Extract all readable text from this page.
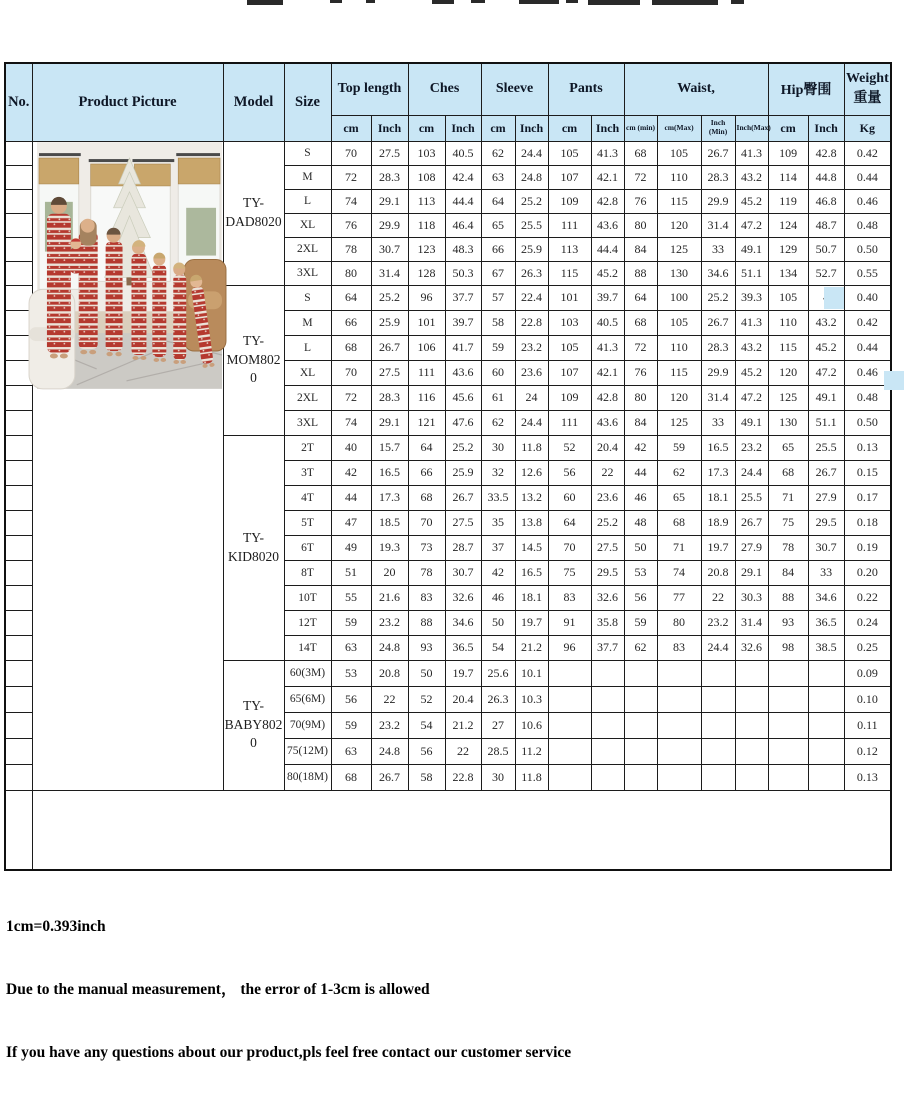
No.	Product Picture	Model	Size	Top length		Ches		Sleeve		Pants		Waist,				Hip臀围		Weight 重量
				cm	Inch	cm	Inch	cm	Inch	cm	Inch	cm (min)	cm(Max)	Inch (Min)	Inch(Max)	cm	Inch	Kg
		TY-DAD8020	S	70	27.5	103	40.5	62	24.4	105	41.3	68	105	26.7	41.3	109	42.8	0.42
			M	72	28.3	108	42.4	63	24.8	107	42.1	72	110	28.3	43.2	114	44.8	0.44
			L	74	29.1	113	44.4	64	25.2	109	42.8	76	115	29.9	45.2	119	46.8	0.46
			XL	76	29.9	118	46.4	65	25.5	111	43.6	80	120	31.4	47.2	124	48.7	0.48
			2XL	78	30.7	123	48.3	66	25.9	113	44.4	84	125	33	49.1	129	50.7	0.50
			3XL	80	31.4	128	50.3	67	26.3	115	45.2	88	130	34.6	51.1	134	52.7	0.55
		TY-MOM8020	S	64	25.2	96	37.7	57	22.4	101	39.7	64	100	25.2	39.3	105		0.40
			M	66	25.9	101	39.7	58	22.8	103	40.5	68	105	26.7	41.3	110	43.2	0.42
			L	68	26.7	106	41.7	59	23.2	105	41.3	72	110	28.3	43.2	115	45.2	0.44
			XL	70	27.5	111	43.6	60	23.6	107	42.1	76	115	29.9	45.2	120	47.2	0.46
			2XL	72	28.3	116	45.6	61	24	109	42.8	80	120	31.4	47.2	125	49.1	0.48
			3XL	74	29.1	121	47.6	62	24.4	111	43.6	84	125	33	49.1	130	51.1	0.50
		TY-KID8020	2T	40	15.7	64	25.2	30	11.8	52	20.4	42	59	16.5	23.2	65	25.5	0.13
			3T	42	16.5	66	25.9	32	12.6	56	22	44	62	17.3	24.4	68	26.7	0.15
			4T	44	17.3	68	26.7	33.5	13.2	60	23.6	46	65	18.1	25.5	71	27.9	0.17
			5T	47	18.5	70	27.5	35	13.8	64	25.2	48	68	18.9	26.7	75	29.5	0.18
			6T	49	19.3	73	28.7	37	14.5	70	27.5	50	71	19.7	27.9	78	30.7	0.19
			8T	51	20	78	30.7	42	16.5	75	29.5	53	74	20.8	29.1	84	33	0.20
			10T	55	21.6	83	32.6	46	18.1	83	32.6	56	77	22	30.3	88	34.6	0.22
			12T	59	23.2	88	34.6	50	19.7	91	35.8	59	80	23.2	31.4	93	36.5	0.24
			14T	63	24.8	93	36.5	54	21.2	96	37.7	62	83	24.4	32.6	98	38.5	0.25
		TY-BABY8020	60(3M)	53	20.8	50	19.7	25.6	10.1									0.09
			65(6M)	56	22	52	20.4	26.3	10.3									0.10
			70(9M)	59	23.2	54	21.2	27	10.6									0.11
			75(12M)	63	24.8	56	22	28.5	11.2									0.12
			80(18M)	68	26.7	58	22.8	30	11.8									0.13

1cm=0.393inch

Due to the manual measurement， the error of 1-3cm is allowed

If you have any questions about our product,pls feel free contact our customer service
